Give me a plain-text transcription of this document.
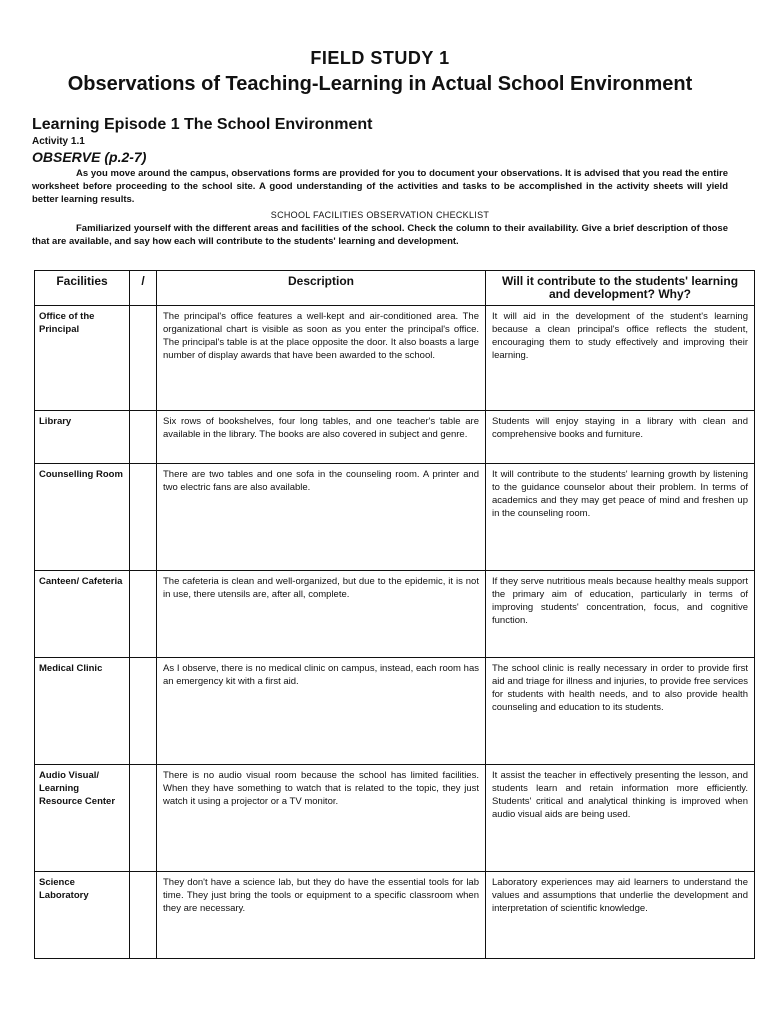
FIELD STUDY 1
Observations of Teaching-Learning in Actual School Environment
Learning Episode 1 The School Environment
Activity 1.1
OBSERVE (p.2-7)

As you move around the campus, observations forms are provided for you to document your observations. It is advised that you read the entire worksheet before proceeding to the school site. A good understanding of the activities and tasks to be accomplished in the activity sheets will yield better learning results.

SCHOOL FACILITIES OBSERVATION CHECKLIST

Familiarized yourself with the different areas and facilities of the school. Check the column to their availability. Give a brief description of those that are available, and say how each will contribute to the students' learning and development.

Facilities	/	Description	Will it contribute to the students' learning and development? Why?
Office of the Principal		The principal's office features a well-kept and air-conditioned area. The organizational chart is visible as soon as you enter the principal's office. The principal's table is at the place opposite the door. It also boasts a large number of display awards that have been awarded to the school.	It will aid in the development of the student's learning because a clean principal's office reflects the student, encouraging them to study effectively and improving their learning.
Library		Six rows of bookshelves, four long tables, and one teacher's table are available in the library. The books are also covered in subject and genre.	Students will enjoy staying in a library with clean and comprehensive books and furniture.
Counselling Room		There are two tables and one sofa in the counseling room. A printer and two electric fans are also available.	It will contribute to the students' learning growth by listening to the guidance counselor about their problem. In terms of academics and they may get peace of mind and freshen up in the counseling room.
Canteen/ Cafeteria		The cafeteria is clean and well-organized, but due to the epidemic, it is not in use, there utensils are, after all, complete.	If they serve nutritious meals because healthy meals support the primary aim of education, particularly in terms of improving students' concentration, focus, and cognitive function.
Medical Clinic		As I observe, there is no medical clinic on campus, instead, each room has an emergency kit with a first aid.	The school clinic is really necessary in order to provide first aid and triage for illness and injuries, to provide free services for students with health needs, and to also provide health counseling and education to its students.
Audio Visual/ Learning Resource Center		There is no audio visual room because the school has limited facilities. When they have something to watch that is related to the topic, they just watch it using a projector or a TV monitor.	It assist the teacher in effectively presenting the lesson, and students learn and retain information more efficiently. Students' critical and analytical thinking is improved when audio visual aids are being used.
Science Laboratory		They don't have a science lab, but they do have the essential tools for lab time. They just bring the tools or equipment to a specific classroom when they are necessary.	Laboratory experiences may aid learners to understand the values and assumptions that underlie the development and interpretation of scientific knowledge.
